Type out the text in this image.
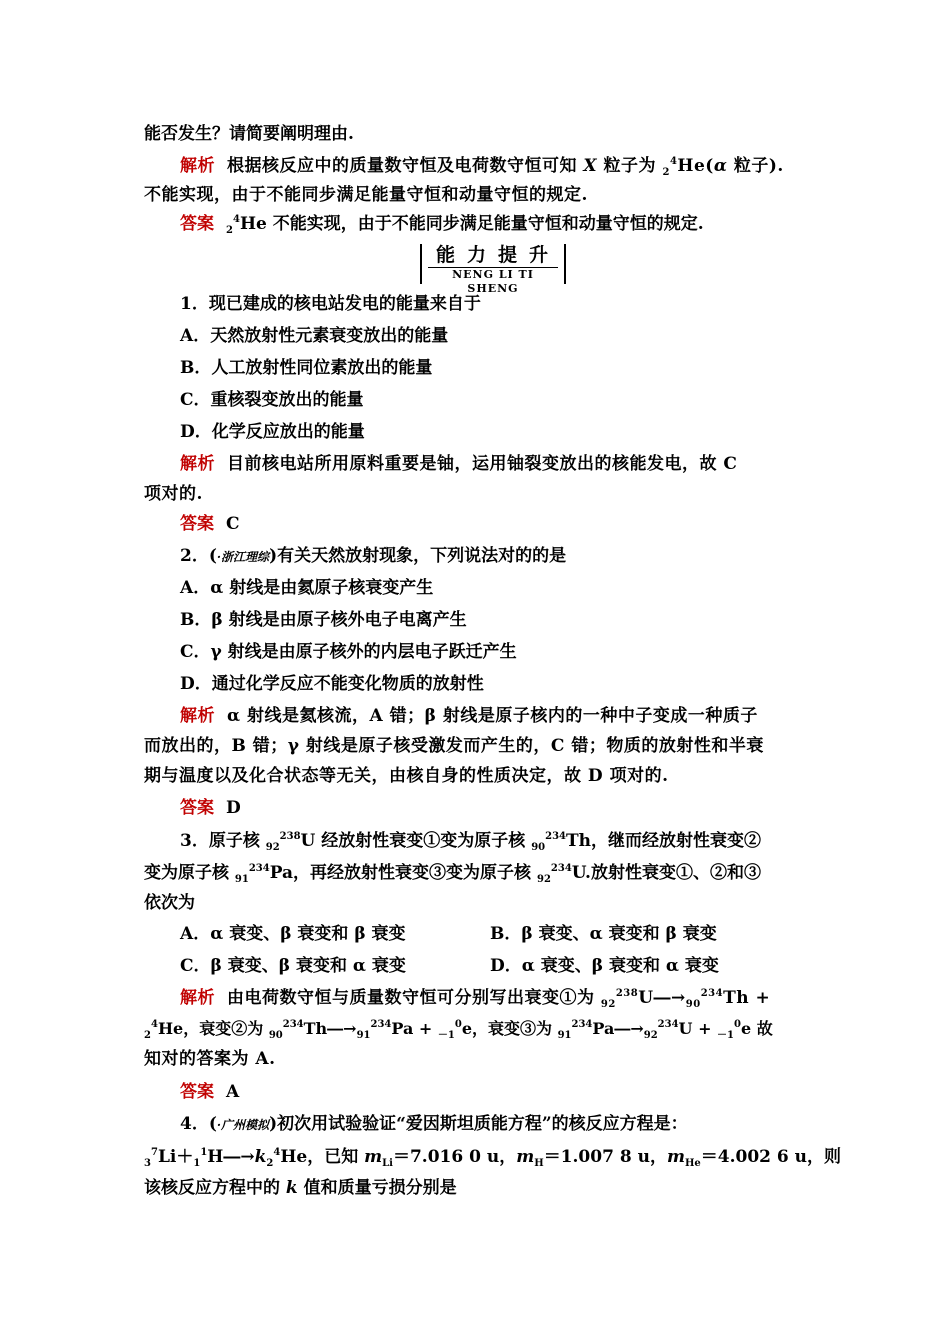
能否发生？请简要阐明理由.
解析 根据核反应中的质量数守恒及电荷数守恒可知 X 粒子为 $_2^4$He(α 粒子).
不能实现，由于不能同步满足能量守恒和动量守恒的规定.
答案 $_2^4$He 不能实现，由于不能同步满足能量守恒和动量守恒的规定.
能力提升
NENG LI TI SHENG
1．现已建成的核电站发电的能量来自于
A．天然放射性元素衰变放出的能量
B．人工放射性同位素放出的能量
C．重核裂变放出的能量
D．化学反应放出的能量
解析 目前核电站所用原料重要是铀，运用铀裂变放出的核能发电，故 C
项对的.
答案 C
2．(·浙江理综)有关天然放射现象，下列说法对的的是
A．α 射线是由氦原子核衰变产生
B．β 射线是由原子核外电子电离产生
C．γ 射线是由原子核外的内层电子跃迁产生
D．通过化学反应不能变化物质的放射性
解析 α 射线是氦核流，A 错；β 射线是原子核内的一种中子变成一种质子
而放出的，B 错；γ 射线是原子核受激发而产生的，C 错；物质的放射性和半衰
期与温度以及化合状态等无关，由核自身的性质决定，故 D 项对的.
答案 D
3．原子核 $_{92}^{238}$U 经放射性衰变①变为原子核 $_{90}^{234}$Th，继而经放射性衰变②
变为原子核 $_{91}^{234}$Pa，再经放射性衰变③变为原子核 $_{92}^{234}$U.放射性衰变①、②和③
依次为
A．α 衰变、β 衰变和 β 衰变	B．β 衰变、α 衰变和 β 衰变
C．β 衰变、β 衰变和 α 衰变	D．α 衰变、β 衰变和 α 衰变
解析 由电荷数守恒与质量数守恒可分别写出衰变①为 $_{92}^{238}U―\to_{90}^{234}Th$ +
$_2^4$He，衰变②为 $_{90}^{234}Th―\to_{91}^{234}Pa + _{-1}^0e$，衰变③为 $_{91}^{234}Pa―\to_{92}^{234}U + _{-1}^0e$ 故
知对的答案为 A.
答案 A
4．(·广州模拟)初次用试验验证“爱因斯坦质能方程”的核反应方程是：
$_3^7Li+_1^1H―\to k_2^4He$，已知 $m_{Li}=7.016$ 0 u，$m_H=1.007$ 8 u，$m_{He}=4.002$ 6 u，则
该核反应方程中的 k 值和质量亏损分别是
